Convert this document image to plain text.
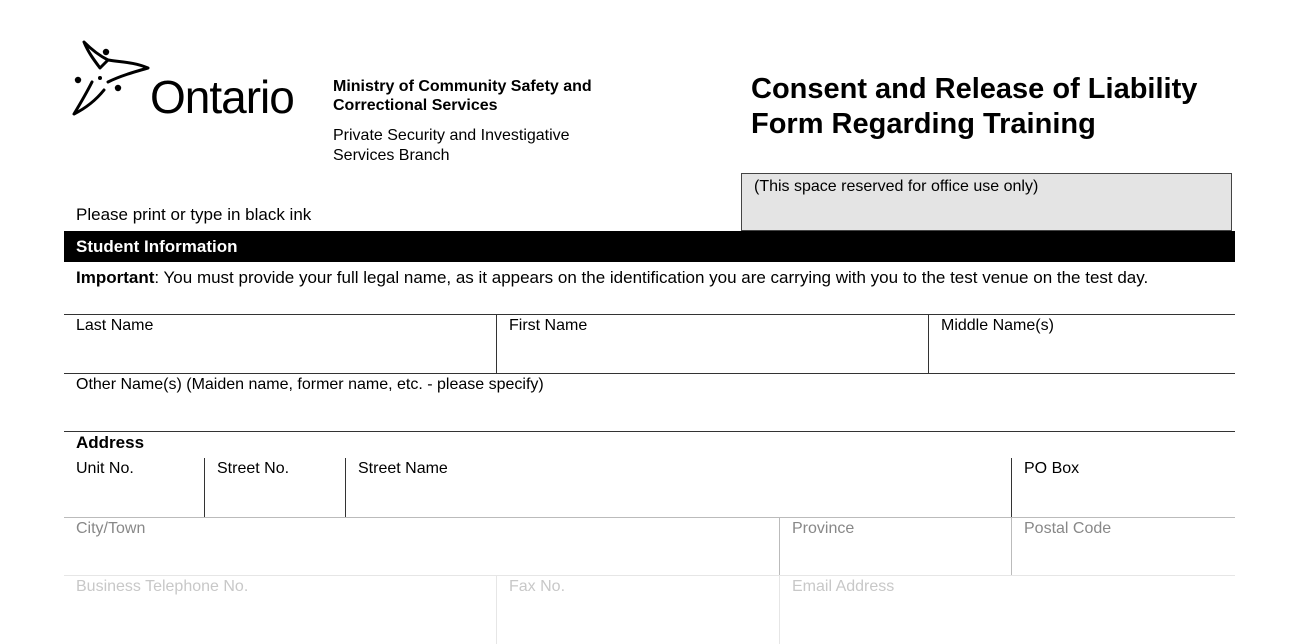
Ontario Ministry of Community Safety and Correctional Services
Private Security and Investigative Services Branch
Consent and Release of Liability Form Regarding Training
(This space reserved for office use only)
Please print or type in black ink
Student Information
Important: You must provide your full legal name, as it appears on the identification you are carrying with you to the test venue on the test day.
Last Name	First Name	Middle Name(s)
Other Name(s) (Maiden name, former name, etc. - please specify)
Address
Unit No.	Street No.	Street Name	PO Box
City/Town	Province	Postal Code
Business Telephone No.	Fax No.	Email Address
